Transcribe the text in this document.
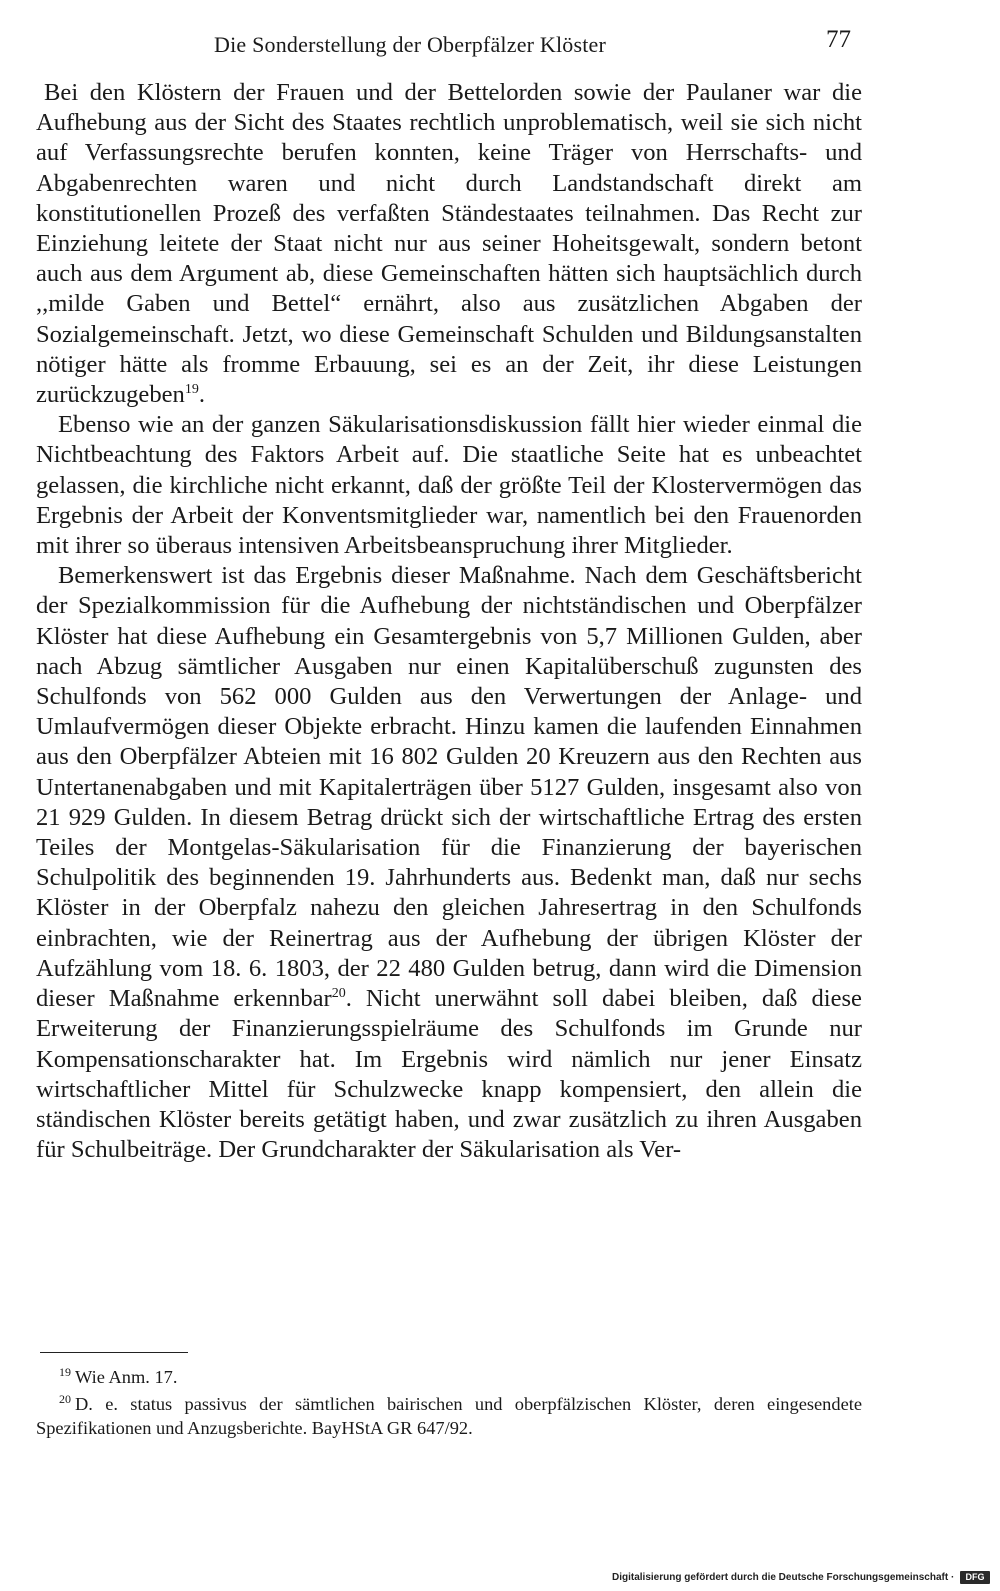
Die Sonderstellung der Oberpfälzer Klöster	77

Bei den Klöstern der Frauen und der Bettelorden sowie der Paulaner war die Aufhebung aus der Sicht des Staates rechtlich unproblematisch, weil sie sich nicht auf Verfassungsrechte berufen konnten, keine Träger von Herrschafts- und Abgabenrechten waren und nicht durch Landstandschaft direkt am konstitutionellen Prozeß des verfaßten Ständestaates teilnahmen. Das Recht zur Einziehung leitete der Staat nicht nur aus seiner Hoheitsgewalt, sondern betont auch aus dem Argument ab, diese Gemeinschaften hätten sich hauptsächlich durch ,,milde Gaben und Bettel“ ernährt, also aus zusätzlichen Abgaben der Sozialgemeinschaft. Jetzt, wo diese Gemeinschaft Schulden und Bildungsanstalten nötiger hätte als fromme Erbauung, sei es an der Zeit, ihr diese Leistungen zurückzugeben$^{19}$.

Ebenso wie an der ganzen Säkularisationsdiskussion fällt hier wieder einmal die Nichtbeachtung des Faktors Arbeit auf. Die staatliche Seite hat es unbeachtet gelassen, die kirchliche nicht erkannt, daß der größte Teil der Klostervermögen das Ergebnis der Arbeit der Konventsmitglieder war, namentlich bei den Frauenorden mit ihrer so überaus intensiven Arbeitsbeanspruchung ihrer Mitglieder.

Bemerkenswert ist das Ergebnis dieser Maßnahme. Nach dem Geschäftsbericht der Spezialkommission für die Aufhebung der nichtständischen und Oberpfälzer Klöster hat diese Aufhebung ein Gesamtergebnis von 5,7 Millionen Gulden, aber nach Abzug sämtlicher Ausgaben nur einen Kapitalüberschuß zugunsten des Schulfonds von 562 000 Gulden aus den Verwertungen der Anlage- und Umlaufvermögen dieser Objekte erbracht. Hinzu kamen die laufenden Einnahmen aus den Oberpfälzer Abteien mit 16 802 Gulden 20 Kreuzern aus den Rechten aus Untertanenabgaben und mit Kapitalerträgen über 5127 Gulden, insgesamt also von 21 929 Gulden. In diesem Betrag drückt sich der wirtschaftliche Ertrag des ersten Teiles der Montgelas-Säkularisation für die Finanzierung der bayerischen Schulpolitik des beginnenden 19. Jahrhunderts aus. Bedenkt man, daß nur sechs Klöster in der Oberpfalz nahezu den gleichen Jahresertrag in den Schulfonds einbrachten, wie der Reinertrag aus der Aufhebung der übrigen Klöster der Aufzählung vom 18. 6. 1803, der 22 480 Gulden betrug, dann wird die Dimension dieser Maßnahme erkennbar$^{20}$. Nicht unerwähnt soll dabei bleiben, daß diese Erweiterung der Finanzierungsspielräume des Schulfonds im Grunde nur Kompensationscharakter hat. Im Ergebnis wird nämlich nur jener Einsatz wirtschaftlicher Mittel für Schulzwecke knapp kompensiert, den allein die ständischen Klöster bereits getätigt haben, und zwar zusätzlich zu ihren Ausgaben für Schulbeiträge. Der Grundcharakter der Säkularisation als Ver-

$^{19}$ Wie Anm. 17.

$^{20}$ D. e. status passivus der sämtlichen bairischen und oberpfälzischen Klöster, deren eingesendete Spezifikationen und Anzugsberichte. BayHStA GR 647/92.

Digitalisierung gefördert durch die Deutsche Forschungsgemeinschaft ·	DFG
